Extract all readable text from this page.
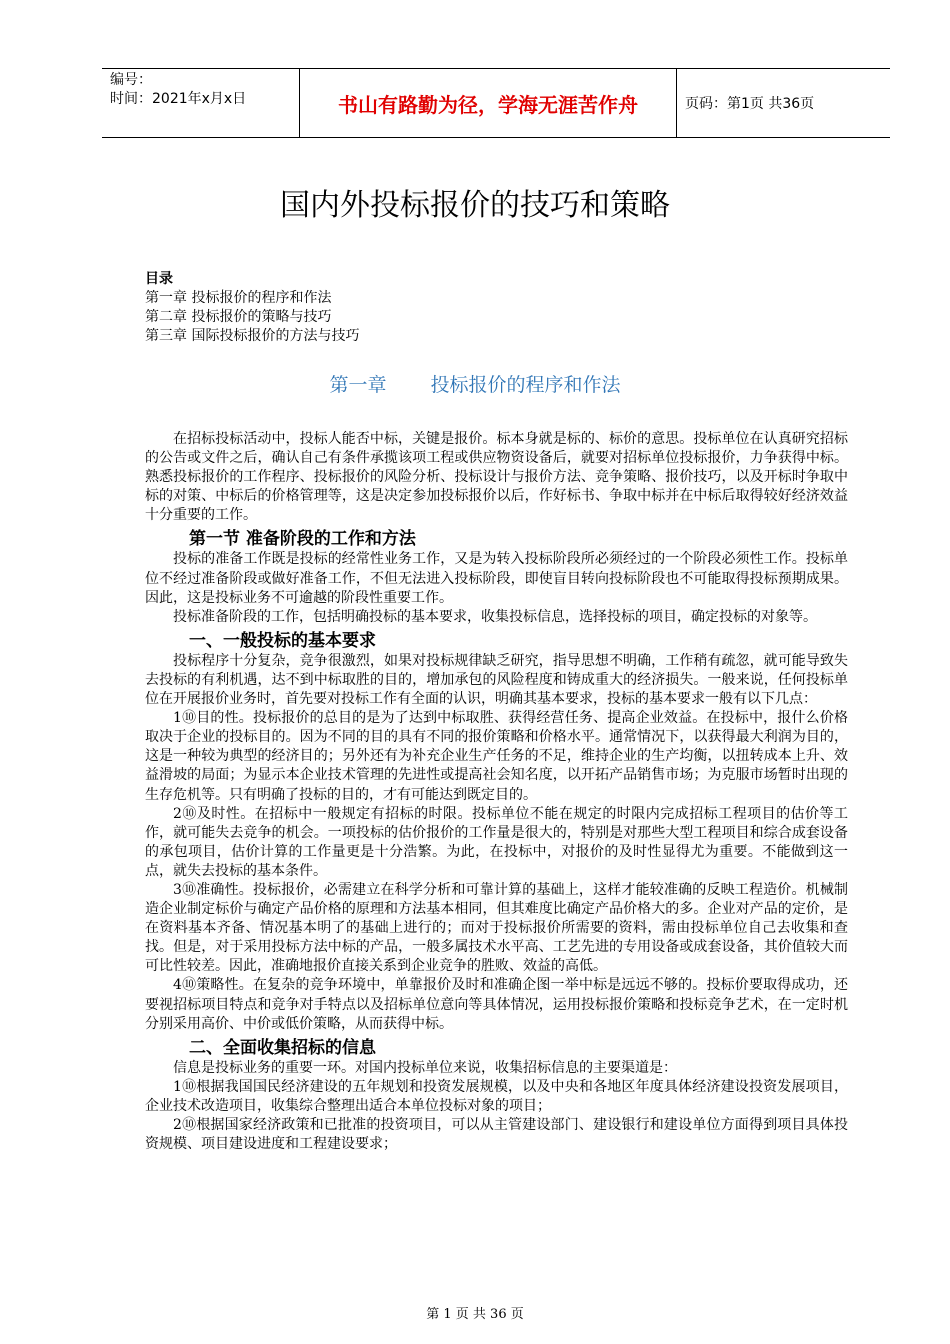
编号：
时间：2021年x月x日	书山有路勤为径，学海无涯苦作舟	页码：第1页 共36页
国内外投标报价的技巧和策略
目录
第一章 投标报价的程序和作法
第二章 投标报价的策略与技巧
第三章 国际投标报价的方法与技巧
第一章 投标报价的程序和作法

在招标投标活动中，投标人能否中标，关键是报价。标本身就是标的、标价的意思。投标单位在认真研究招标的公告或文件之后，确认自己有条件承揽该项工程或供应物资设备后，就要对招标单位投标报价，力争获得中标。熟悉投标报价的工作程序、投标报价的风险分析、投标设计与报价方法、竞争策略、报价技巧，以及开标时争取中标的对策、中标后的价格管理等，这是决定参加投标报价以后，作好标书、争取中标并在中标后取得较好经济效益十分重要的工作。

第一节 准备阶段的工作和方法

投标的准备工作既是投标的经常性业务工作，又是为转入投标阶段所必须经过的一个阶段必须性工作。投标单位不经过准备阶段或做好准备工作，不但无法进入投标阶段，即使盲目转向投标阶段也不可能取得投标预期成果。因此，这是投标业务不可逾越的阶段性重要工作。

投标准备阶段的工作，包括明确投标的基本要求，收集投标信息，选择投标的项目，确定投标的对象等。

一、一般投标的基本要求

投标程序十分复杂，竞争很激烈，如果对投标规律缺乏研究，指导思想不明确，工作稍有疏忽，就可能导致失去投标的有利机遇，达不到中标取胜的目的，增加承包的风险程度和铸成重大的经济损失。一般来说，任何投标单位在开展报价业务时，首先要对投标工作有全面的认识，明确其基本要求，投标的基本要求一般有以下几点：

1⑩目的性。投标报价的总目的是为了达到中标取胜、获得经营任务、提高企业效益。在投标中，报什么价格取决于企业的投标目的。因为不同的目的具有不同的报价策略和价格水平。通常情况下，以获得最大利润为目的，这是一种较为典型的经济目的；另外还有为补充企业生产任务的不足，维持企业的生产均衡，以扭转成本上升、效益滑坡的局面；为显示本企业技术管理的先进性或提高社会知名度，以开拓产品销售市场；为克服市场暂时出现的生存危机等。只有明确了投标的目的，才有可能达到既定目的。

2⑩及时性。在招标中一般规定有招标的时限。投标单位不能在规定的时限内完成招标工程项目的估价等工作，就可能失去竞争的机会。一项投标的估价报价的工作量是很大的，特别是对那些大型工程项目和综合成套设备的承包项目，估价计算的工作量更是十分浩繁。为此，在投标中，对报价的及时性显得尤为重要。不能做到这一点，就失去投标的基本条件。

3⑩准确性。投标报价，必需建立在科学分析和可靠计算的基础上，这样才能较准确的反映工程造价。机械制造企业制定标价与确定产品价格的原理和方法基本相同，但其难度比确定产品价格大的多。企业对产品的定价，是在资料基本齐备、情况基本明了的基础上进行的；而对于投标报价所需要的资料，需由投标单位自己去收集和查找。但是，对于采用投标方法中标的产品，一般多属技术水平高、工艺先进的专用设备或成套设备，其价值较大而可比性较差。因此，准确地报价直接关系到企业竞争的胜败、效益的高低。

4⑩策略性。在复杂的竞争环境中，单靠报价及时和准确企图一举中标是远远不够的。投标价要取得成功，还要视招标项目特点和竞争对手特点以及招标单位意向等具体情况，运用投标报价策略和投标竞争艺术，在一定时机分别采用高价、中价或低价策略，从而获得中标。

二、全面收集招标的信息

信息是投标业务的重要一环。对国内投标单位来说，收集招标信息的主要渠道是：

1⑩根据我国国民经济建设的五年规划和投资发展规模，以及中央和各地区年度具体经济建设投资发展项目，企业技术改造项目，收集综合整理出适合本单位投标对象的项目；

2⑩根据国家经济政策和已批准的投资项目，可以从主管建设部门、建设银行和建设单位方面得到项目具体投资规模、项目建设进度和工程建设要求；

第 1 页 共 36 页
